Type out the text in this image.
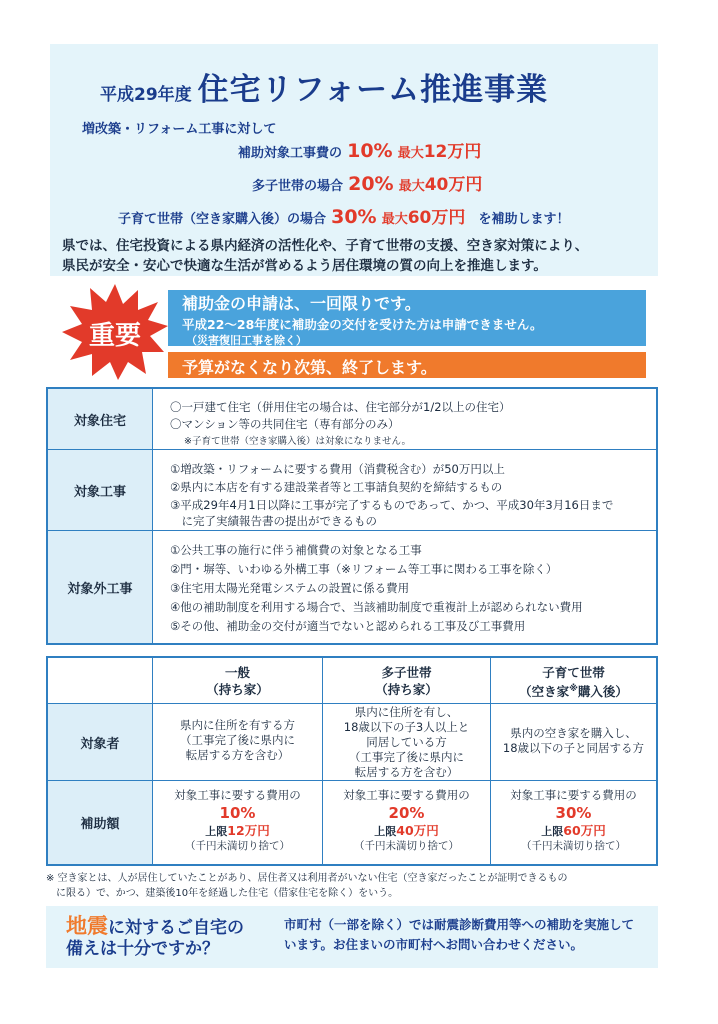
平成29年度 住宅リフォーム推進事業
増改築・リフォーム工事に対して
補助対象工事費の 10% 最大12万円
多子世帯の場合 20% 最大40万円
子育て世帯（空き家購入後）の場合 30% 最大60万円 を補助します！
県では、住宅投資による県内経済の活性化や、子育て世帯の支援、空き家対策により、
県民が安全・安心で快適な生活が営めるよう居住環境の質の向上を推進します。
重要
補助金の申請は、一回限りです。
平成22～28年度に補助金の交付を受けた方は申請できません。
（災害復旧工事を除く）
予算がなくなり次第、終了します。
対象住宅
対象工事
対象外工事
〇一戸建て住宅（併用住宅の場合は、住宅部分が1/2以上の住宅）
〇マンション等の共同住宅（専有部分のみ）
※子育て世帯（空き家購入後）は対象になりません。
①増改築・リフォームに要する費用（消費税含む）が50万円以上
②県内に本店を有する建設業者等と工事請負契約を締結するもの
③平成29年4月1日以降に工事が完了するものであって、かつ、平成30年3月16日まで
　に完了実績報告書の提出ができるもの
①公共工事の施行に伴う補償費の対象となる工事
②門・塀等、いわゆる外構工事（※リフォーム等工事に関わる工事を除く）
③住宅用太陽光発電システムの設置に係る費用
④他の補助制度を利用する場合で、当該補助制度で重複計上が認められない費用
⑤その他、補助金の交付が適当でないと認められる工事及び工事費用
対象者
補助額
一般
（持ち家）
多子世帯
（持ち家）
子育て世帯
（空き家※購入後）
県内に住所を有する方
（工事完了後に県内に
転居する方を含む）
県内に住所を有し、
18歳以下の子3人以上と
同居している方
（工事完了後に県内に
転居する方を含む）
県内の空き家を購入し、
18歳以下の子と同居する方
対象工事に要する費用の
10%
上限12万円
（千円未満切り捨て）
対象工事に要する費用の
20%
上限40万円
（千円未満切り捨て）
対象工事に要する費用の
30%
上限60万円
（千円未満切り捨て）
※ 空き家とは、人が居住していたことがあり、居住者又は利用者がいない住宅（空き家だったことが証明できるもの
　に限る）で、かつ、建築後10年を経過した住宅（借家住宅を除く）をいう。
地震に対するご自宅の
備えは十分ですか？
市町村（一部を除く）では耐震診断費用等への補助を実施して
います。お住まいの市町村へお問い合わせください。
